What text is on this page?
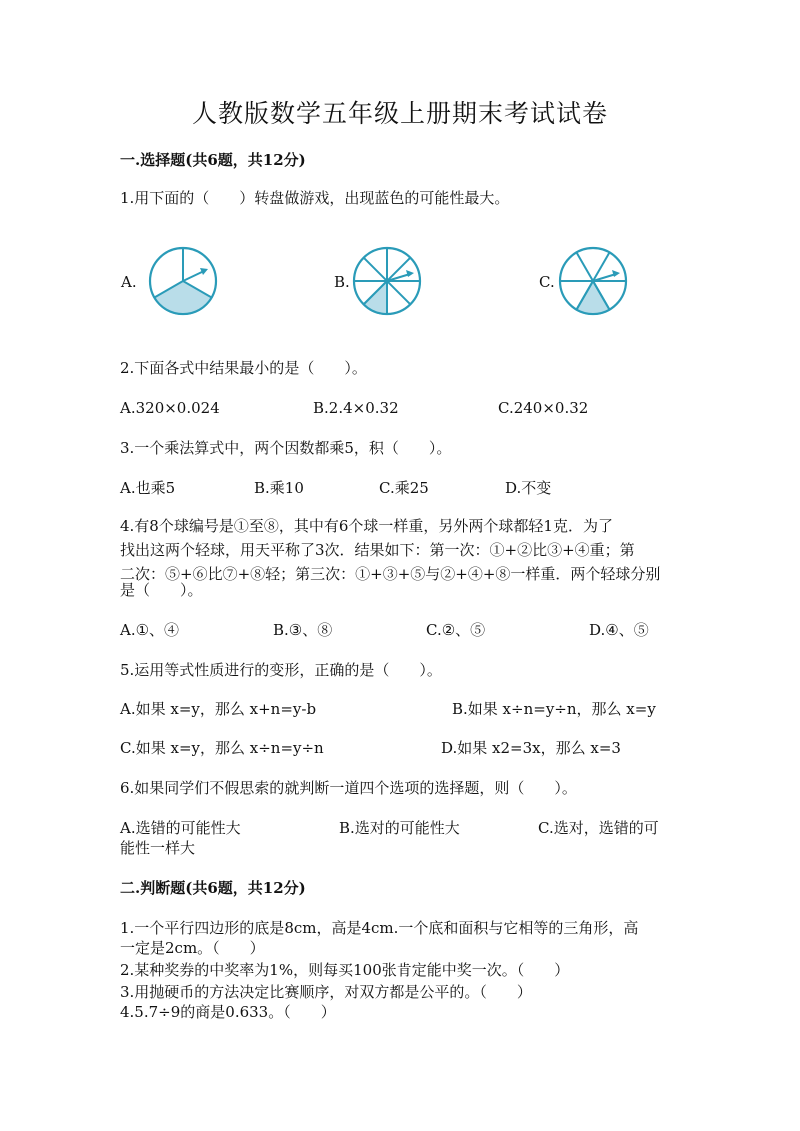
人教版数学五年级上册期末考试试卷
一.选择题(共6题，共12分)
1.用下面的（　　）转盘做游戏，出现蓝色的可能性最大。
A.	B.	C.
2.下面各式中结果最小的是（　　）。
A.320×0.024	B.2.4×0.32	C.240×0.32
3.一个乘法算式中，两个因数都乘5，积（　　）。
A.也乘5	B.乘10	C.乘25	D.不变
4.有8个球编号是①至⑧，其中有6个球一样重，另外两个球都轻1克．为了
找出这两个轻球，用天平称了3次．结果如下：第一次：①+②比③+④重；第
二次：⑤+⑥比⑦+⑧轻；第三次：①+③+⑤与②+④+⑧一样重．两个轻球分别
是（　　）。
A.①、④	B.③、⑧	C.②、⑤	D.④、⑤
5.运用等式性质进行的变形，正确的是（　　）。
A.如果 x=y，那么 x+n=y-b	B.如果 x÷n=y÷n，那么 x=y
C.如果 x=y，那么 x÷n=y÷n	D.如果 x2=3x，那么 x=3
6.如果同学们不假思索的就判断一道四个选项的选择题，则（　　）。
A.选错的可能性大	B.选对的可能性大	C.选对，选错的可
能性一样大
二.判断题(共6题，共12分)
1.一个平行四边形的底是8cm，高是4cm.一个底和面积与它相等的三角形，高
一定是2cm。（　　）
2.某种奖券的中奖率为1%，则每买100张肯定能中奖一次。（　　）
3.用抛硬币的方法决定比赛顺序，对双方都是公平的。（　　）
4.5.7÷9的商是0.633。（　　）
